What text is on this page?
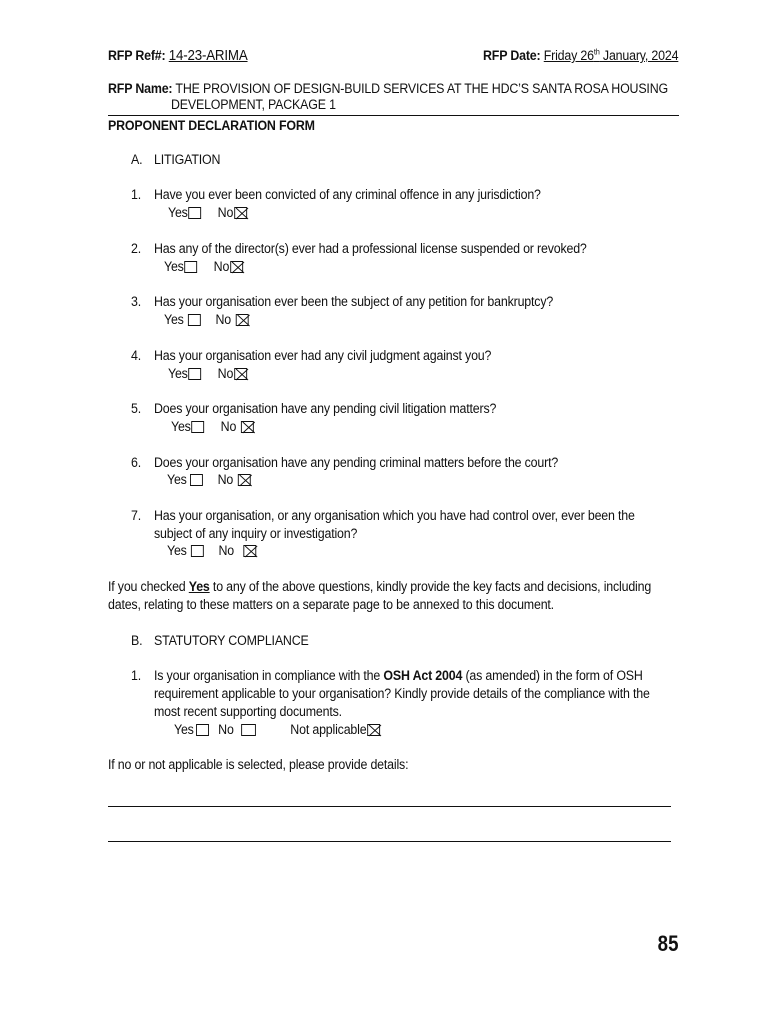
RFP Ref#: 14-23-ARIMA	RFP Date: Friday 26th January, 2024
RFP Name: THE PROVISION OF DESIGN-BUILD SERVICES AT THE HDC’S SANTA ROSA HOUSING
DEVELOPMENT, PACKAGE 1
PROPONENT DECLARATION FORM
A. LITIGATION
1. Have you ever been convicted of any criminal offence in any jurisdiction?
Yes No
2. Has any of the director(s) ever had a professional license suspended or revoked?
Yes No
3. Has your organisation ever been the subject of any petition for bankruptcy?
Yes No
4. Has your organisation ever had any civil judgment against you?
Yes No
5. Does your organisation have any pending civil litigation matters?
Yes No
6. Does your organisation have any pending criminal matters before the court?
Yes No
7. Has your organisation, or any organisation which you have had control over, ever been the
subject of any inquiry or investigation?
Yes No
If you checked Yes to any of the above questions, kindly provide the key facts and decisions, including
dates, relating to these matters on a separate page to be annexed to this document.
B. STATUTORY COMPLIANCE
1. Is your organisation in compliance with the OSH Act 2004 (as amended) in the form of OSH
requirement applicable to your organisation? Kindly provide details of the compliance with the
most recent supporting documents.
Yes No	Not applicable
If no or not applicable is selected, please provide details:
85
